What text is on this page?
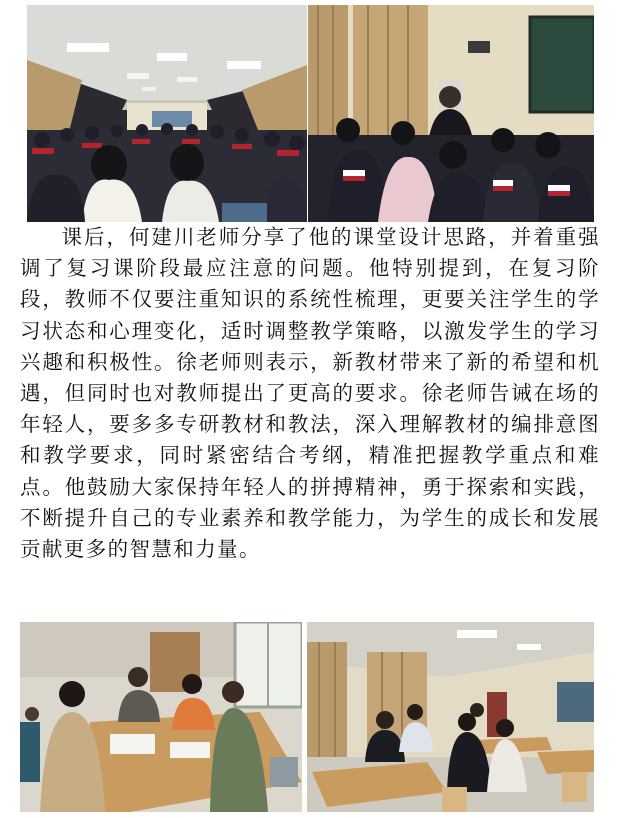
课后，何建川老师分享了他的课堂设计思路，并着重强调了复习课阶段最应注意的问题。他特别提到，在复习阶段，教师不仅要注重知识的系统性梳理，更要关注学生的学习状态和心理变化，适时调整教学策略，以激发学生的学习兴趣和积极性。徐老师则表示，新教材带来了新的希望和机遇，但同时也对教师提出了更高的要求。徐老师告诫在场的年轻人，要多多专研教材和教法，深入理解教材的编排意图和教学要求，同时紧密结合考纲，精准把握教学重点和难点。他鼓励大家保持年轻人的拼搏精神，勇于探索和实践，不断提升自己的专业素养和教学能力，为学生的成长和发展贡献更多的智慧和力量。
